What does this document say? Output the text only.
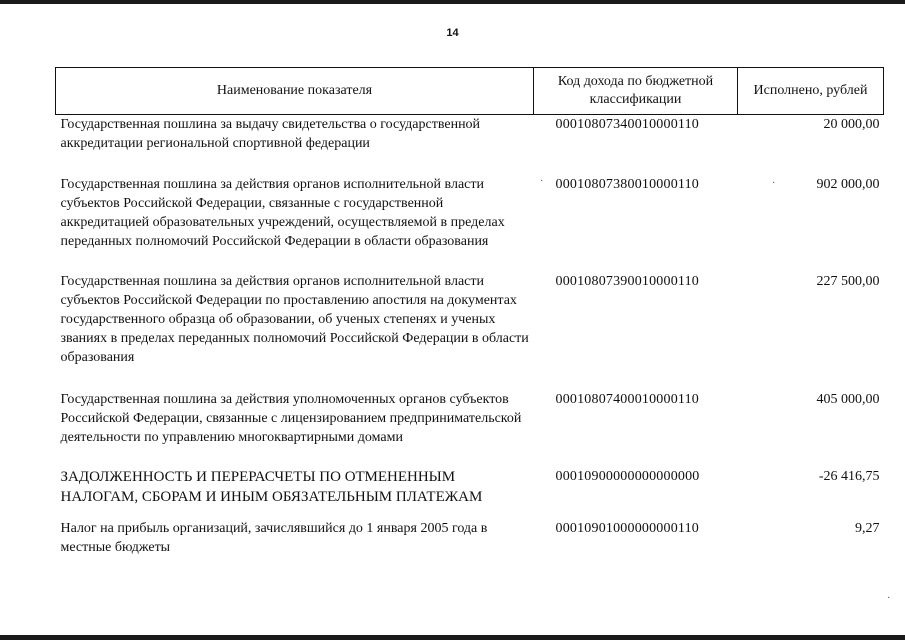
14
Наименование показателя	Код дохода по бюджетной классификации	Исполнено, рублей
Государственная пошлина за выдачу свидетельства о государственной аккредитации региональной спортивной федерации	00010807340010000110	20 000,00
Государственная пошлина за действия органов исполнительной власти субъектов Российской Федерации, связанные с государственной аккредитацией образовательных учреждений, осуществляемой в пределах переданных полномочий Российской Федерации в области образования	00010807380010000110	902 000,00
Государственная пошлина за действия органов исполнительной власти субъектов Российской Федерации по проставлению апостиля на документах государственного образца об образовании, об ученых степенях и ученых званиях в пределах переданных полномочий Российской Федерации в области образования	00010807390010000110	227 500,00
Государственная пошлина за действия уполномоченных органов субъектов Российской Федерации, связанные с лицензированием предпринимательской деятельности по управлению многоквартирными домами	00010807400010000110	405 000,00
ЗАДОЛЖЕННОСТЬ И ПЕРЕРАСЧЕТЫ ПО ОТМЕНЕННЫМ НАЛОГАМ, СБОРАМ И ИНЫМ ОБЯЗАТЕЛЬНЫМ ПЛАТЕЖАМ	00010900000000000000	-26 416,75
Налог на прибыль организаций, зачислявшийся до 1 января 2005 года в местные бюджеты	00010901000000000110	9,27
·	·
·
